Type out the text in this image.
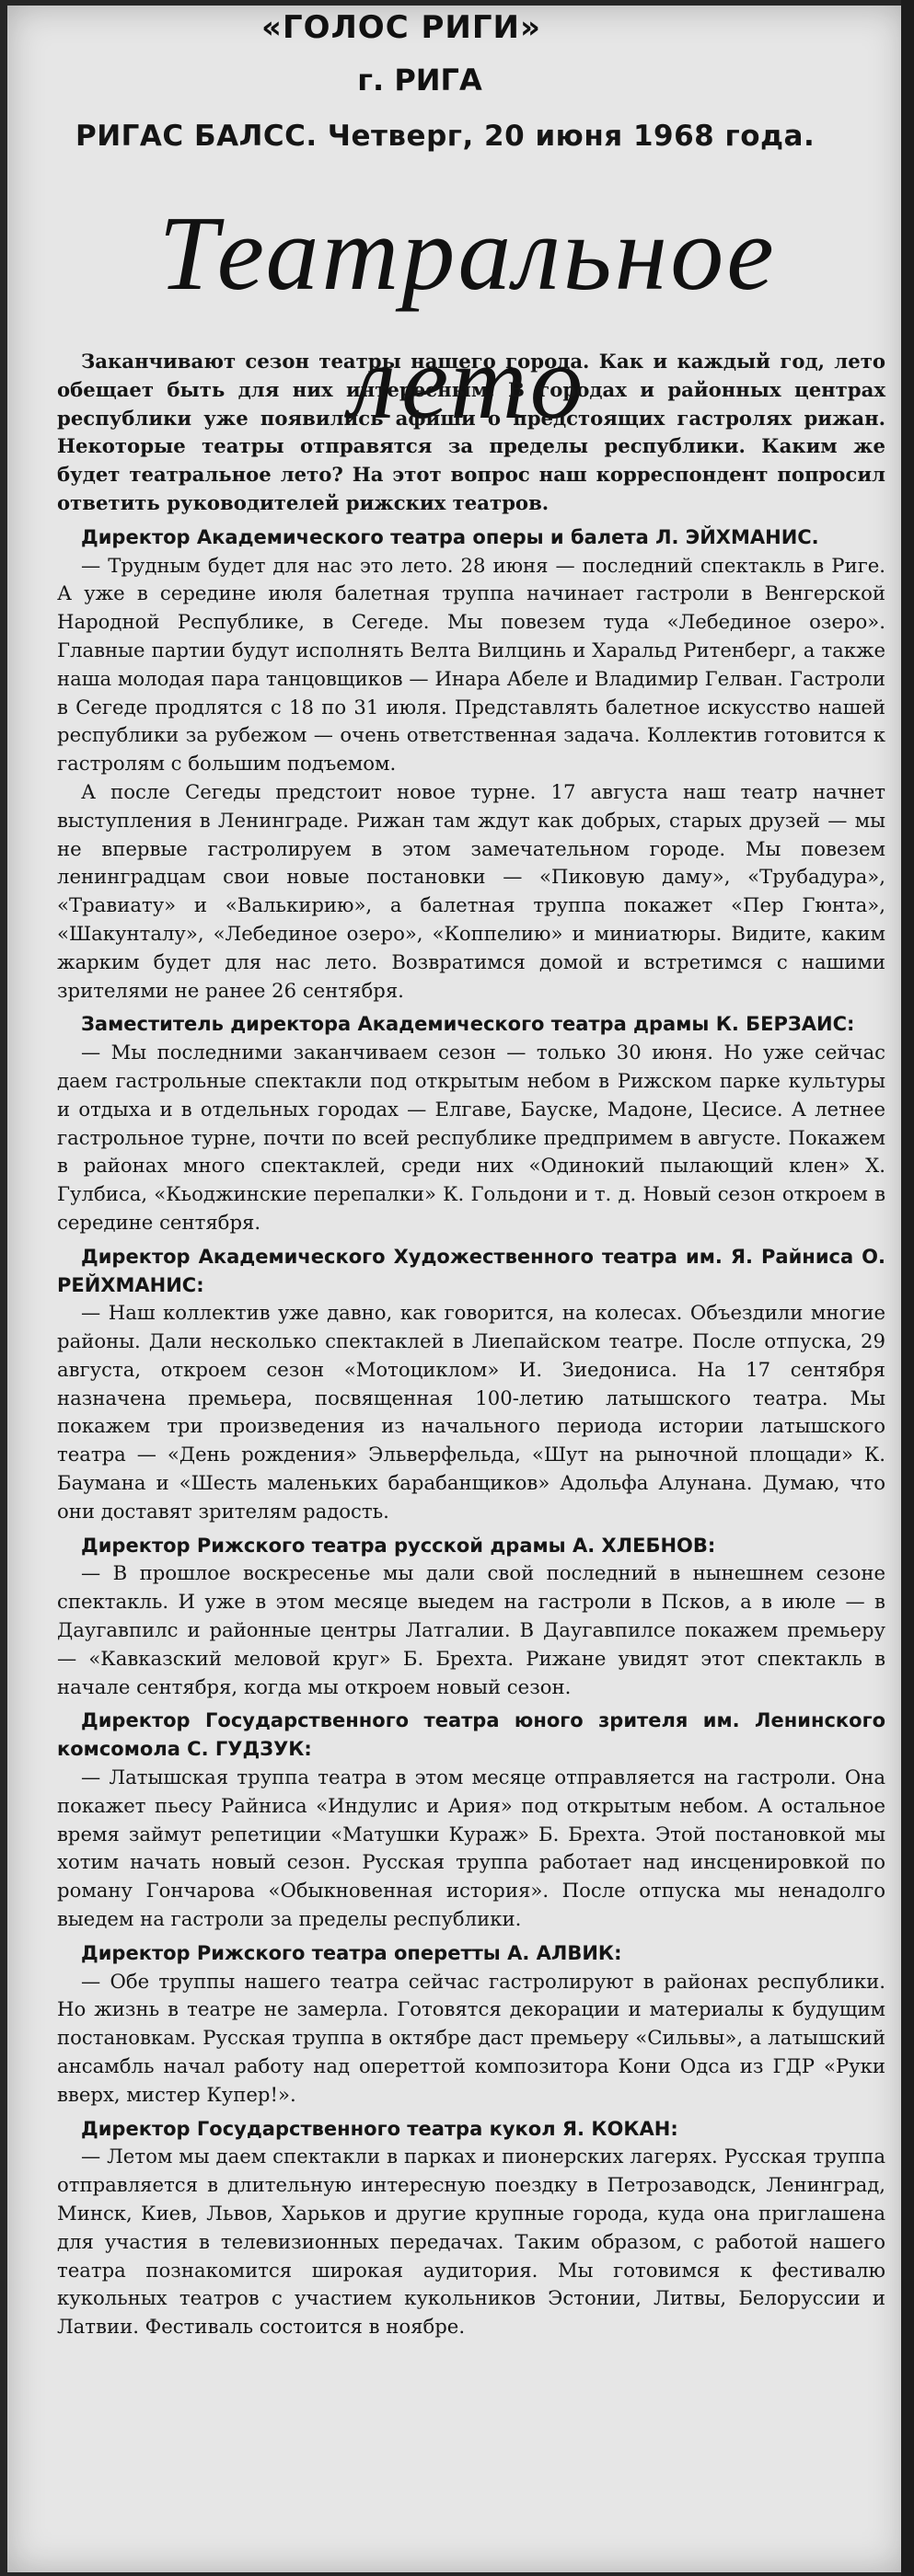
«ГОЛОС РИГИ»
г. РИГА
РИГАС БАЛСС. Четверг, 20 июня 1968 года.
Театральное лето

Заканчивают сезон театры нашего города. Как и каждый год, лето обещает быть для них интересным. В городах и районных центрах республики уже появились афиши о предстоящих гастролях рижан. Некоторые театры отправятся за пределы республики. Каким же будет театральное лето? На этот вопрос наш корреспондент попросил ответить руководителей рижских театров.

Директор Академического театра оперы и балета Л. ЭЙХМАНИС.

— Трудным будет для нас это лето. 28 июня — последний спектакль в Риге. А уже в середине июля балетная труппа начинает гастроли в Венгерской Народной Республике, в Сегеде. Мы повезем туда «Лебединое озеро». Главные партии будут исполнять Велта Вилцинь и Харальд Ритенберг, а также наша молодая пара танцовщиков — Инара Абеле и Владимир Гелван. Гастроли в Сегеде продлятся с 18 по 31 июля. Представлять балетное искусство нашей республики за рубежом — очень ответственная задача. Коллектив готовится к гастролям с большим подъемом.

А после Сегеды предстоит новое турне. 17 августа наш театр начнет выступления в Ленинграде. Рижан там ждут как добрых, старых друзей — мы не впервые гастролируем в этом замечательном городе. Мы повезем ленинградцам свои новые постановки — «Пиковую даму», «Трубадура», «Травиату» и «Валькирию», а балетная труппа покажет «Пер Гюнта», «Шакунталу», «Лебединое озеро», «Коппелию» и миниатюры. Видите, каким жарким будет для нас лето. Возвратимся домой и встретимся с нашими зрителями не ранее 26 сентября.

Заместитель директора Академического театра драмы К. БЕРЗАИС:

— Мы последними заканчиваем сезон — только 30 июня. Но уже сейчас даем гастрольные спектакли под открытым небом в Рижском парке культуры и отдыха и в отдельных городах — Елгаве, Бауске, Мадоне, Цесисе. А летнее гастрольное турне, почти по всей республике предпримем в августе. Покажем в районах много спектаклей, среди них «Одинокий пылающий клен» Х. Гулбиса, «Кьоджинские перепалки» К. Гольдони и т. д. Новый сезон откроем в середине сентября.

Директор Академического Художественного театра им. Я. Райниса О. РЕЙХМАНИС:

— Наш коллектив уже давно, как говорится, на колесах. Объездили многие районы. Дали несколько спектаклей в Лиепайском театре. После отпуска, 29 августа, откроем сезон «Мотоциклом» И. Зиедониса. На 17 сентября назначена премьера, посвященная 100-летию латышского театра. Мы покажем три произведения из начального периода истории латышского театра — «День рождения» Эльверфельда, «Шут на рыночной площади» К. Баумана и «Шесть маленьких барабанщиков» Адольфа Алунана. Думаю, что они доставят зрителям радость.

Директор Рижского театра русской драмы А. ХЛЕБНОВ:

— В прошлое воскресенье мы дали свой последний в нынешнем сезоне спектакль. И уже в этом месяце выедем на гастроли в Псков, а в июле — в Даугавпилс и районные центры Латгалии. В Даугавпилсе покажем премьеру — «Кавказский меловой круг» Б. Брехта. Рижане увидят этот спектакль в начале сентября, когда мы откроем новый сезон.

Директор Государственного театра юного зрителя им. Ленинского комсомола С. ГУДЗУК:

— Латышская труппа театра в этом месяце отправляется на гастроли. Она покажет пьесу Райниса «Индулис и Ария» под открытым небом. А остальное время займут репетиции «Матушки Кураж» Б. Брехта. Этой постановкой мы хотим начать новый сезон. Русская труппа работает над инсценировкой по роману Гончарова «Обыкновенная история». После отпуска мы ненадолго выедем на гастроли за пределы республики.

Директор Рижского театра оперетты А. АЛВИК:

— Обе труппы нашего театра сейчас гастролируют в районах республики. Но жизнь в театре не замерла. Готовятся декорации и материалы к будущим постановкам. Русская труппа в октябре даст премьеру «Сильвы», а латышский ансамбль начал работу над опереттой композитора Кони Одса из ГДР «Руки вверх, мистер Купер!».

Директор Государственного театра кукол Я. КОКАН:

— Летом мы даем спектакли в парках и пионерских лагерях. Русская труппа отправляется в длительную интересную поездку в Петрозаводск, Ленинград, Минск, Киев, Львов, Харьков и другие крупные города, куда она приглашена для участия в телевизионных передачах. Таким образом, с работой нашего театра познакомится широкая аудитория. Мы готовимся к фестивалю кукольных театров с участием кукольников Эстонии, Литвы, Белоруссии и Латвии. Фестиваль состоится в ноябре.
